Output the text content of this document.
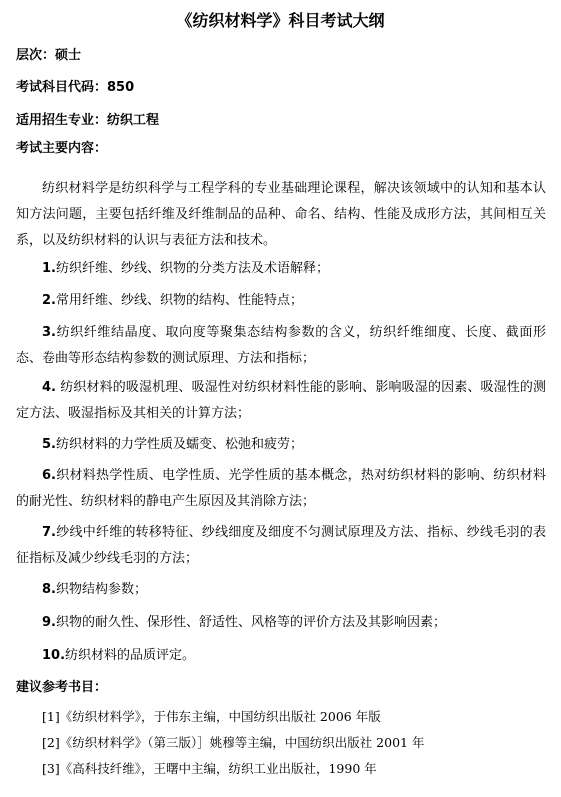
《纺织材料学》科目考试大纲
层次：硕士
考试科目代码：850
适用招生专业：纺织工程
考试主要内容：
纺织材料学是纺织科学与工程学科的专业基础理论课程，解决该领域中的认知和基本认知方法问题，主要包括纤维及纤维制品的品种、命名、结构、性能及成形方法，其间相互关系，以及纺织材料的认识与表征方法和技术。
1.纺织纤维、纱线、织物的分类方法及术语解释；
2.常用纤维、纱线、织物的结构、性能特点；
3.纺织纤维结晶度、取向度等聚集态结构参数的含义，纺织纤维细度、长度、截面形态、卷曲等形态结构参数的测试原理、方法和指标；
4. 纺织材料的吸湿机理、吸湿性对纺织材料性能的影响、影响吸湿的因素、吸湿性的测定方法、吸湿指标及其相关的计算方法；
5.纺织材料的力学性质及蠕变、松弛和疲劳；
6.织材料热学性质、电学性质、光学性质的基本概念，热对纺织材料的影响、纺织材料的耐光性、纺织材料的静电产生原因及其消除方法；
7.纱线中纤维的转移特征、纱线细度及细度不匀测试原理及方法、指标、纱线毛羽的表征指标及减少纱线毛羽的方法；
8.织物结构参数；
9.织物的耐久性、保形性、舒适性、风格等的评价方法及其影响因素；
10.纺织材料的品质评定。
建议参考书目：
[1]《纺织材料学》，于伟东主编，中国纺织出版社 2006 年版
[2]《纺织材料学》（第三版）］姚穆等主编，中国纺织出版社 2001 年
[3]《高科技纤维》，王曙中主编，纺织工业出版社，1990 年
